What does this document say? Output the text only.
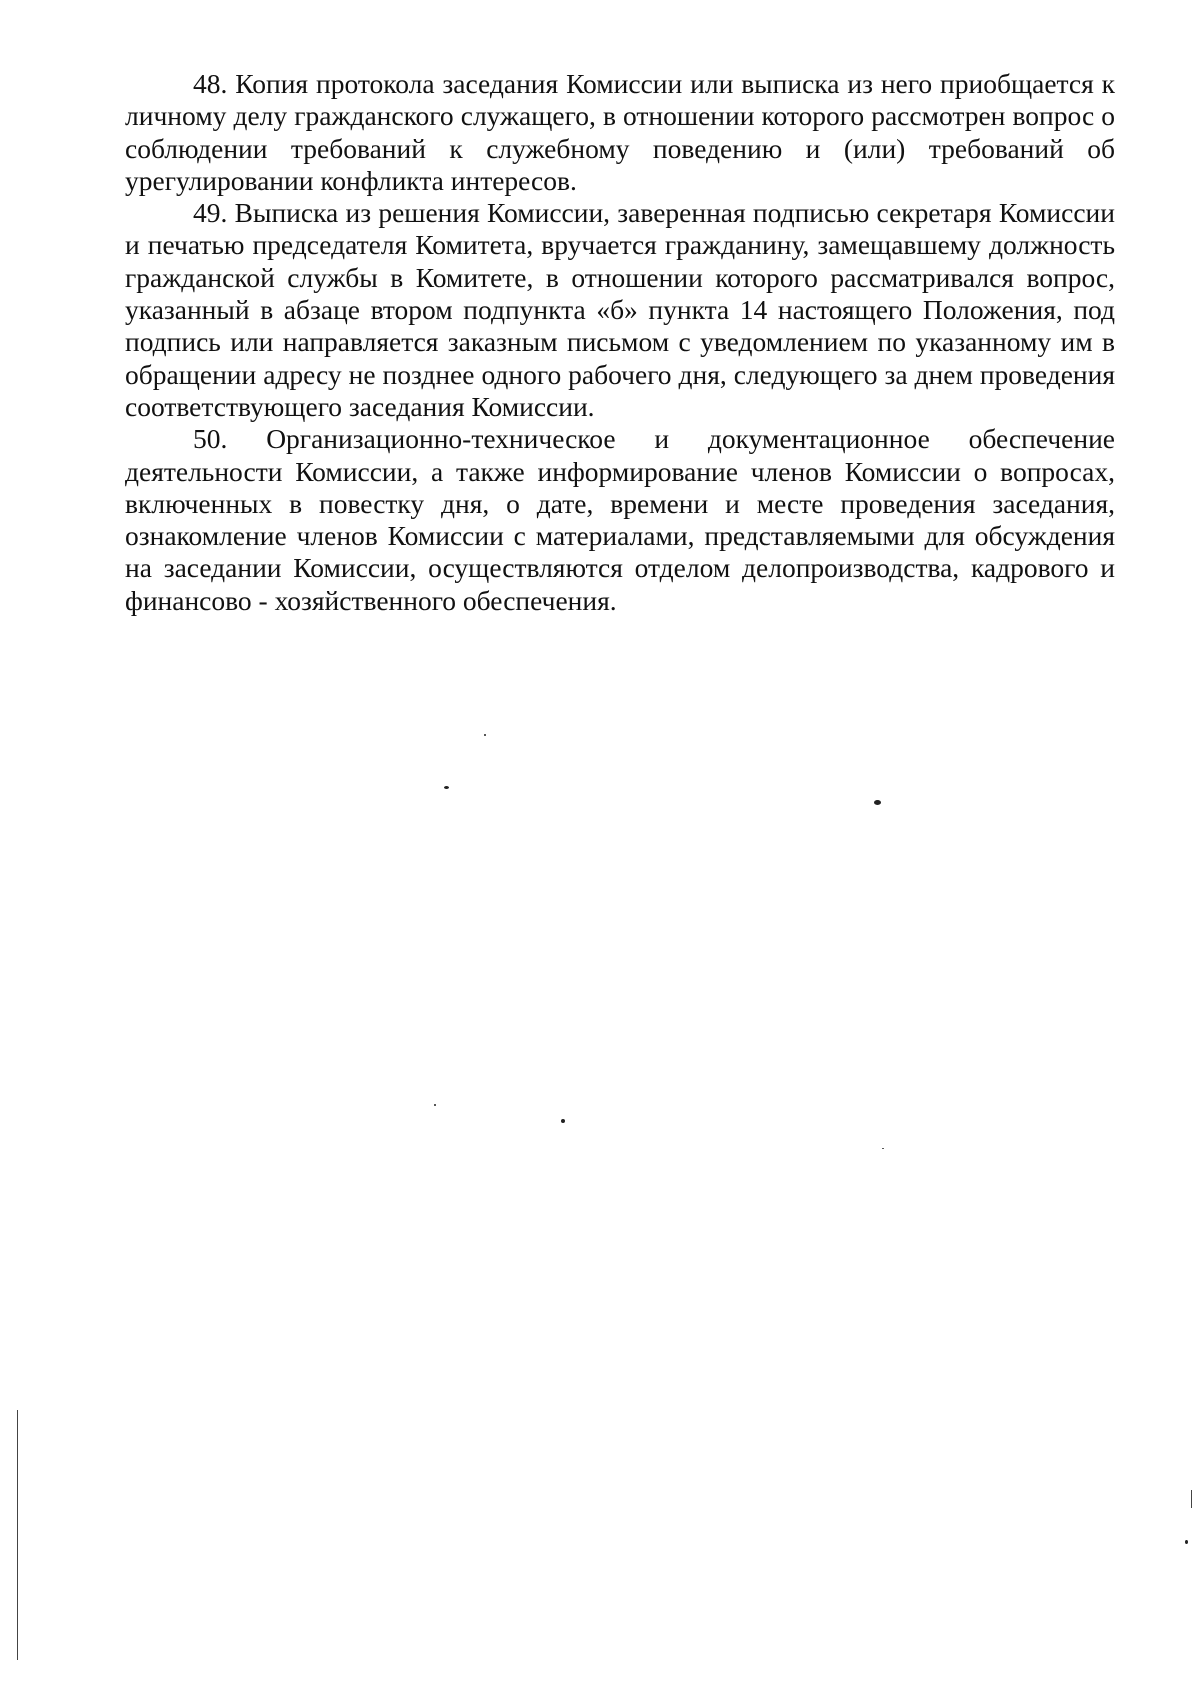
48. Копия протокола заседания Комиссии или выписка из него приобщается к личному делу гражданского служащего, в отношении которого рассмотрен вопрос о соблюдении требований к служебному поведению и (или) требований об урегулировании конфликта интересов.

49. Выписка из решения Комиссии, заверенная подписью секретаря Комиссии и печатью председателя Комитета, вручается гражданину, замещавшему должность гражданской службы в Комитете, в отношении которого рассматривался вопрос, указанный в абзаце втором подпункта «б» пункта 14 настоящего Положения, под подпись или направляется заказным письмом с уведомлением по указанному им в обращении адресу не позднее одного рабочего дня, следующего за днем проведения соответствующего заседания Комиссии.

50. Организационно-техническое и документационное обеспечение деятельности Комиссии, а также информирование членов Комиссии о вопросах, включенных в повестку дня, о дате, времени и месте проведения заседания, ознакомление членов Комиссии с материалами, представляемыми для обсуждения на заседании Комиссии, осуществляются отделом делопроизводства, кадрового и финансово - хозяйственного обеспечения.
